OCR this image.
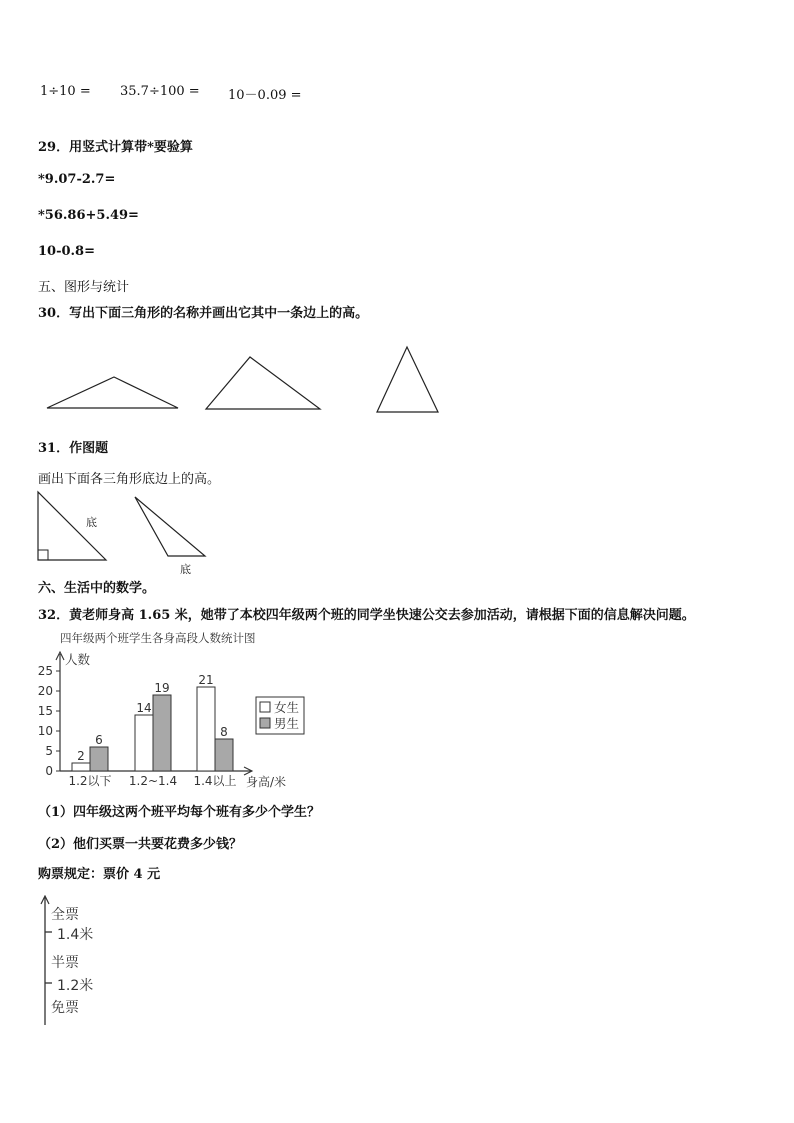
1÷10 = 35.7÷100 = 10－0.09 =
29．用竖式计算带*要验算
*9.07-2.7=
*56.86+5.49=
10-0.8=
五、图形与统计
30．写出下面三角形的名称并画出它其中一条边上的高。
31．作图题
画出下面各三角形底边上的高。
底
底
六、生活中的数学。
32．黄老师身高 1.65 米，她带了本校四年级两个班的同学坐快速公交去参加活动，请根据下面的信息解决问题。
四年级两个班学生各身高段人数统计图
0
5
10
15
20
25
人数
2
6
1.2以下
14
19
1.2~1.4
21
8
1.4以上 身高/米
女生
男生
（1）四年级这两个班平均每个班有多少个学生？
（2）他们买票一共要花费多少钱？
购票规定：票价 4 元
全票
1.4米
半票
1.2米
免票
